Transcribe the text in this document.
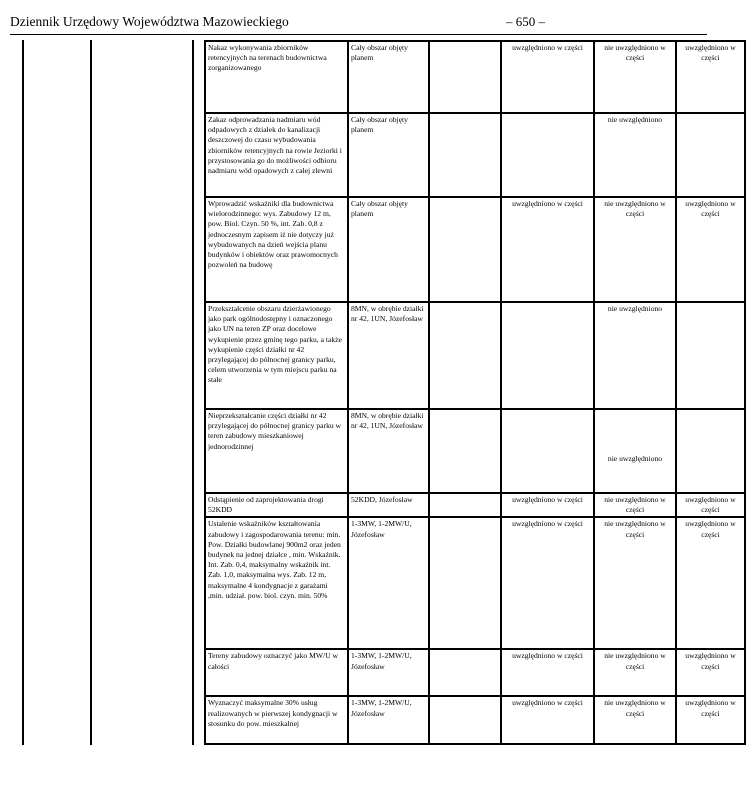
Dziennik Urzędowy Województwa Mazowieckiego	– 650 –
Nakaz wykonywania zbiorników retencyjnych na terenach budownictwa zorganizowanego	Cały obszar objęty planem		uwzględniono w części	nie uwzględniono w części	uwzględniono w części
Zakaz odprowadzania nadmiaru wód odpadowych z działek do kanalizacji deszczowej do czasu wybudowania zbiorników retencyjnych na rowie Jeziorki i przystosowania go do możliwości odbioru nadmiaru wód opadowych z całej zlewni	Cały obszar objęty planem			nie uwzględniono	
Wprowadzić wskaźniki dla budownictwa wielorodzinnego: wys. Zabudowy 12 m, pow. Biol. Czyn. 50 %, int. Zab. 0,8 z jednoczesnym zapisem iż nie dotyczy już wybudowanych na dzień wejścia planu budynków i obiektów oraz prawomocnych pozwoleń na budowę	Cały obszar objęty planem		uwzględniono w części	nie uwzględniono w części	uwzględniono w części
Przekształcenie obszaru dzierżawionego jako park ogólnodostępny i oznaczonego jako UN na teren ZP oraz docelowe wykupienie przez gminę tego parku, a także wykupienie części działki nr 42 przylegającej do północnej granicy parku, celem utworzenia w tym miejscu parku na stałe	8MN, w obrębie działki nr 42, 1UN, Józefosław			nie uwzględniono	
Nieprzekształcanie części działki nr 42 przylegającej do północnej granicy parku w teren zabudowy mieszkaniowej jednorodzinnej	8MN, w obrębie działki nr 42, 1UN, Józefosław			nie uwzględniono	
Odstąpienie od zaprojektowania drogi 52KDD	52KDD, Józefosław		uwzględniono w części	nie uwzględniono w części	uwzględniono w części
Ustalenie wskaźników kształtowania zabudowy i zagospodarowania terenu: min. Pow. Działki budowlanej 900m2 oraz jeden budynek na jednej działce , min. Wskaźnik. Int. Zab. 0,4, maksymalny wskaźnik int. Zab. 1,0, maksymalna wys. Zab. 12 m, maksymalne 4 kondygnacje z garażami ,min. udział. pow. biol. czyn. min. 50%	1-3MW, 1-2MW/U, Józefosław		uwzględniono w części	nie uwzględniono w części	uwzględniono w części
Tereny zabudowy oznaczyć jako MW/U w całości	1-3MW, 1-2MW/U, Józefosław		uwzględniono w części	nie uwzględniono w części	uwzględniono w części
Wyznaczyć maksymalne 30% usług realizowanych w pierwszej kondygnacji w stosunku do pow. mieszkalnej	1-3MW, 1-2MW/U, Józefosław		uwzględniono w części	nie uwzględniono w części	uwzględniono w części
